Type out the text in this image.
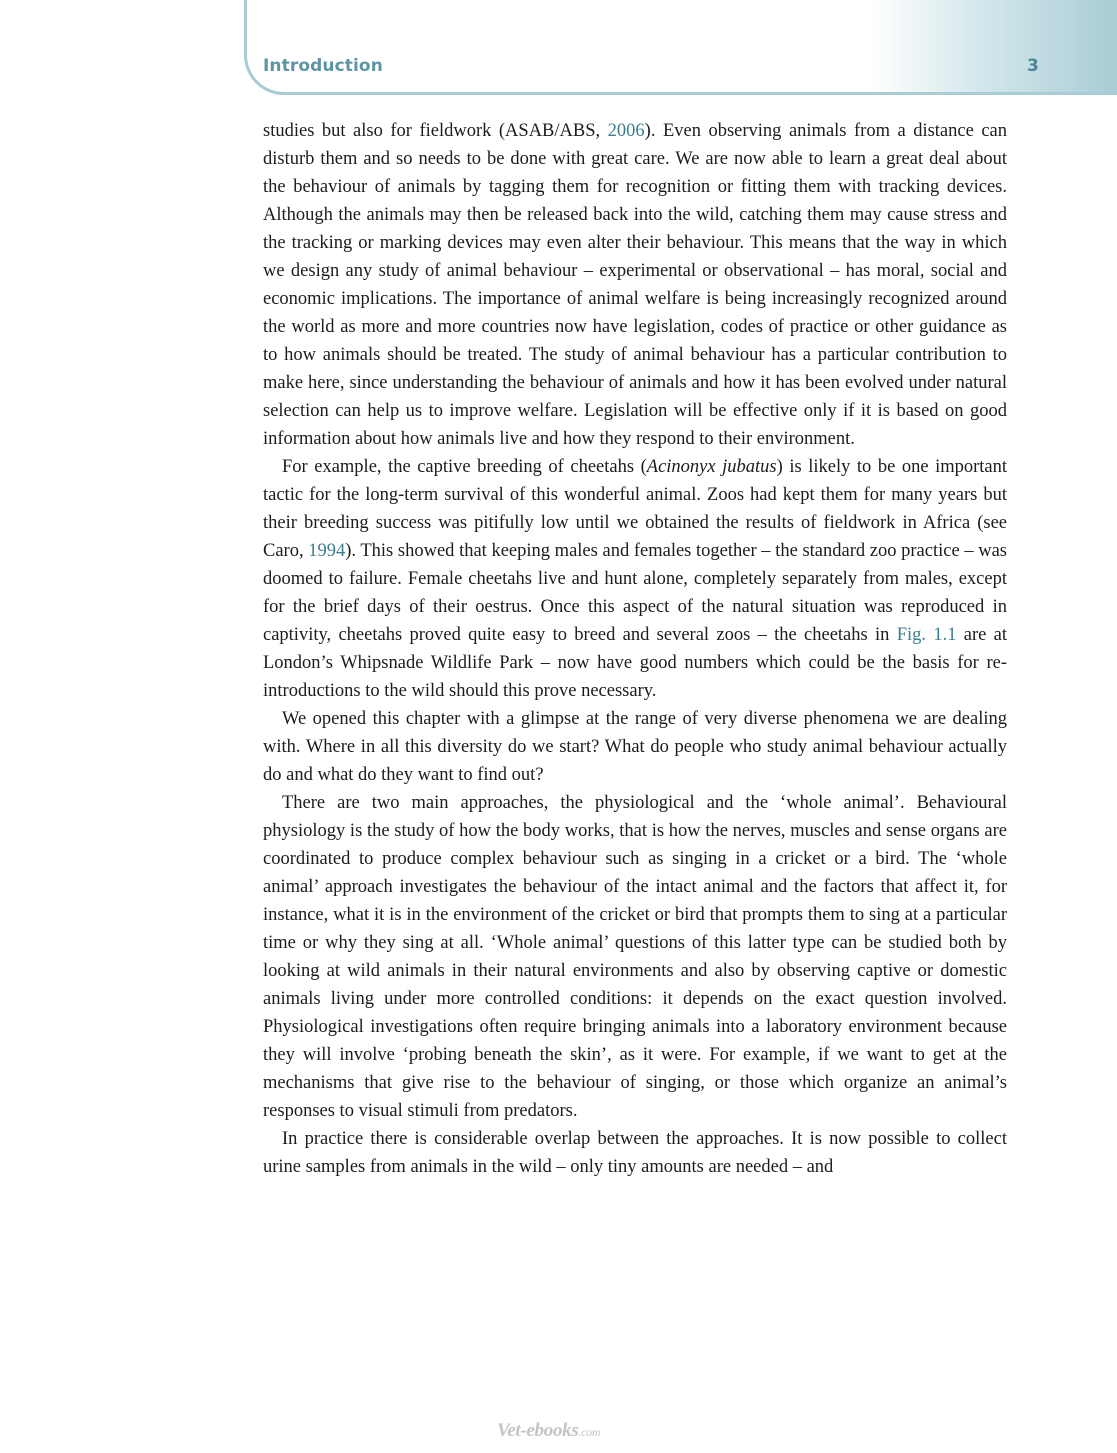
Introduction	3

studies but also for fieldwork (ASAB/ABS, 2006). Even observing animals from a distance can disturb them and so needs to be done with great care. We are now able to learn a great deal about the behaviour of animals by tagging them for recognition or fitting them with tracking devices. Although the animals may then be released back into the wild, catching them may cause stress and the tracking or marking devices may even alter their behaviour. This means that the way in which we design any study of animal behaviour – experimental or observational – has moral, social and economic implications. The importance of animal welfare is being increasingly recognized around the world as more and more countries now have legislation, codes of practice or other guidance as to how animals should be treated. The study of animal behaviour has a particular contribution to make here, since understanding the behaviour of animals and how it has been evolved under natural selection can help us to improve welfare. Legislation will be effective only if it is based on good information about how animals live and how they respond to their environment.

For example, the captive breeding of cheetahs (Acinonyx jubatus) is likely to be one important tactic for the long-term survival of this wonderful animal. Zoos had kept them for many years but their breeding success was pitifully low until we obtained the results of fieldwork in Africa (see Caro, 1994). This showed that keeping males and females together – the standard zoo practice – was doomed to failure. Female cheetahs live and hunt alone, completely separately from males, except for the brief days of their oestrus. Once this aspect of the natural situation was reproduced in captivity, cheetahs proved quite easy to breed and several zoos – the cheetahs in Fig. 1.1 are at London’s Whipsnade Wildlife Park – now have good numbers which could be the basis for re-introductions to the wild should this prove necessary.

We opened this chapter with a glimpse at the range of very diverse phenomena we are dealing with. Where in all this diversity do we start? What do people who study animal behaviour actually do and what do they want to find out?

There are two main approaches, the physiological and the ‘whole animal’. Behavioural physiology is the study of how the body works, that is how the nerves, muscles and sense organs are coordinated to produce complex behaviour such as singing in a cricket or a bird. The ‘whole animal’ approach investigates the behaviour of the intact animal and the factors that affect it, for instance, what it is in the environment of the cricket or bird that prompts them to sing at a particular time or why they sing at all. ‘Whole animal’ questions of this latter type can be studied both by looking at wild animals in their natural environments and also by observing captive or domestic animals living under more controlled conditions: it depends on the exact question involved. Physiological investigations often require bringing animals into a laboratory environment because they will involve ‘probing beneath the skin’, as it were. For example, if we want to get at the mechanisms that give rise to the behaviour of singing, or those which organize an animal’s responses to visual stimuli from predators.

In practice there is considerable overlap between the approaches. It is now possible to collect urine samples from animals in the wild – only tiny amounts are needed – and

Vet-ebooks.com
